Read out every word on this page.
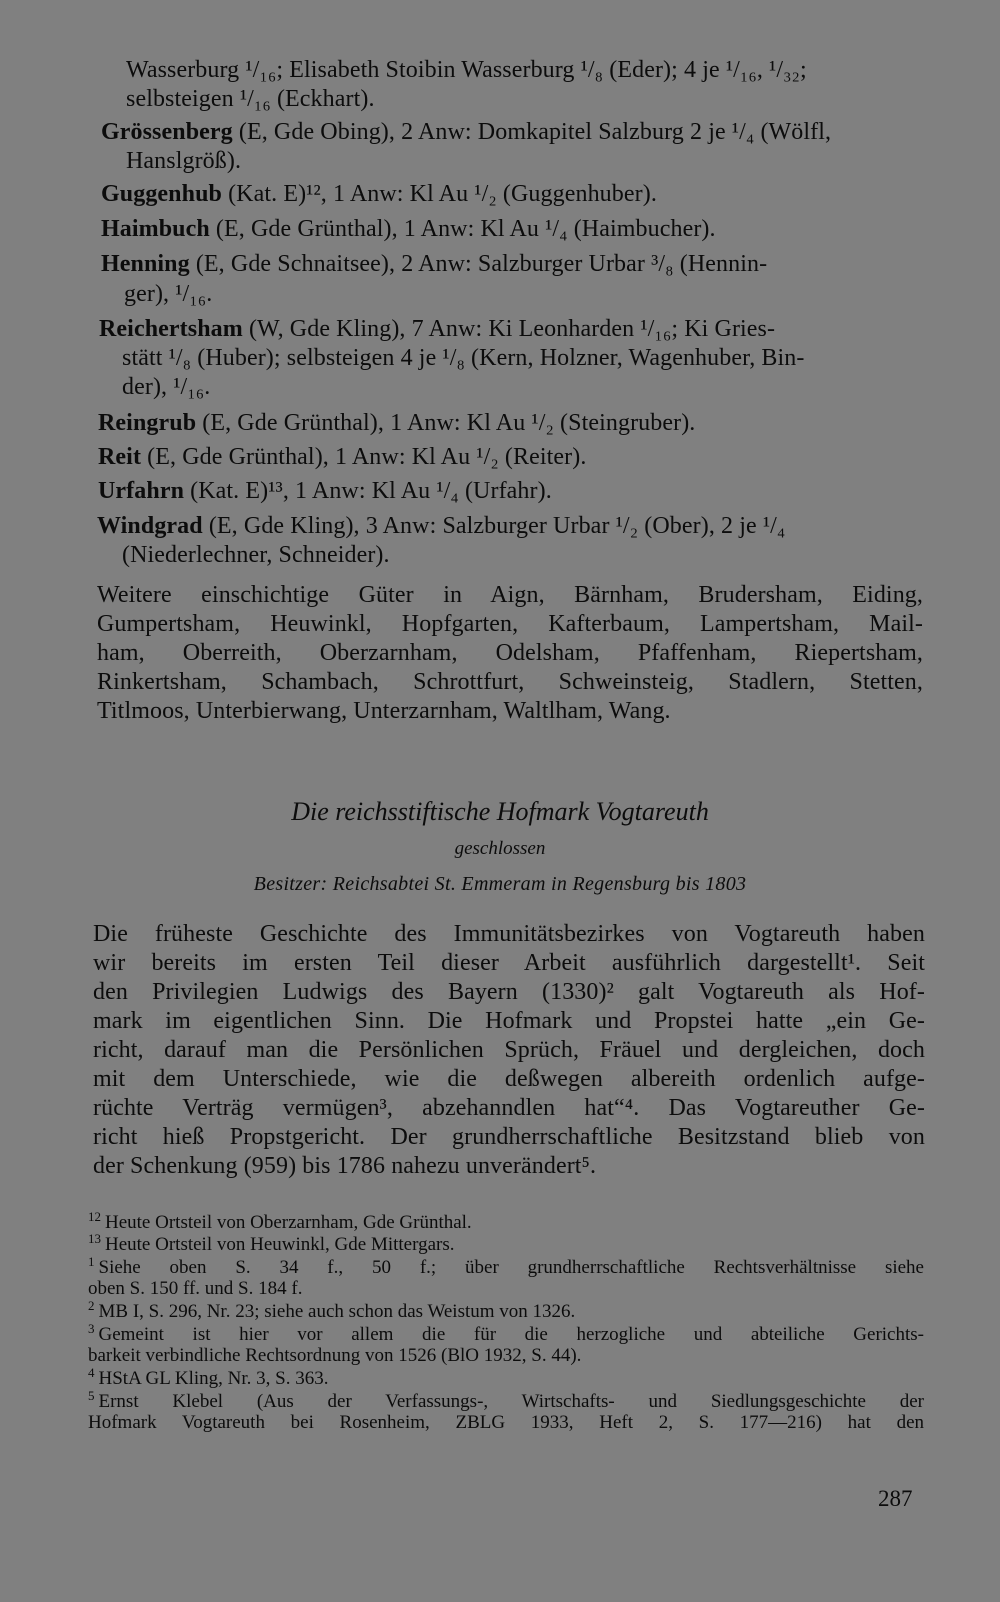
Wasserburg ¹/₁₆; Elisabeth Stoibin Wasserburg ¹/₈ (Eder); 4 je ¹/₁₆, ¹/₃₂;
selbsteigen ¹/₁₆ (Eckhart).
Grössenberg (E, Gde Obing), 2 Anw: Domkapitel Salzburg 2 je ¹/₄ (Wölfl,
Hanslgröß).
Guggenhub (Kat. E)¹², 1 Anw: Kl Au ¹/₂ (Guggenhuber).
Haimbuch (E, Gde Grünthal), 1 Anw: Kl Au ¹/₄ (Haimbucher).
Henning (E, Gde Schnaitsee), 2 Anw: Salzburger Urbar ³/₈ (Hennin-
ger), ¹/₁₆.
Reichertsham (W, Gde Kling), 7 Anw: Ki Leonharden ¹/₁₆; Ki Gries-
stätt ¹/₈ (Huber); selbsteigen 4 je ¹/₈ (Kern, Holzner, Wagenhuber, Bin-
der), ¹/₁₆.
Reingrub (E, Gde Grünthal), 1 Anw: Kl Au ¹/₂ (Steingruber).
Reit (E, Gde Grünthal), 1 Anw: Kl Au ¹/₂ (Reiter).
Urfahrn (Kat. E)¹³, 1 Anw: Kl Au ¹/₄ (Urfahr).
Windgrad (E, Gde Kling), 3 Anw: Salzburger Urbar ¹/₂ (Ober), 2 je ¹/₄
(Niederlechner, Schneider).
Weitere einschichtige Güter in Aign, Bärnham, Brudersham, Eiding,
Gumpertsham, Heuwinkl, Hopfgarten, Kafterbaum, Lampertsham, Mail-
ham, Oberreith, Oberzarnham, Odelsham, Pfaffenham, Riepertsham,
Rinkertsham, Schambach, Schrottfurt, Schweinsteig, Stadlern, Stetten,
Titlmoos, Unterbierwang, Unterzarnham, Waltlham, Wang.
Die reichsstiftische Hofmark Vogtareuth
geschlossen
Besitzer: Reichsabtei St. Emmeram in Regensburg bis 1803
Die früheste Geschichte des Immunitätsbezirkes von Vogtareuth haben
wir bereits im ersten Teil dieser Arbeit ausführlich dargestellt¹. Seit
den Privilegien Ludwigs des Bayern (1330)² galt Vogtareuth als Hof-
mark im eigentlichen Sinn. Die Hofmark und Propstei hatte „ein Ge-
richt, darauf man die Persönlichen Sprüch, Fräuel und dergleichen, doch
mit dem Unterschiede, wie die deßwegen albereith ordenlich aufge-
rüchte Verträg vermügen³, abzehanndlen hat“⁴. Das Vogtareuther Ge-
richt hieß Propstgericht. Der grundherrschaftliche Besitzstand blieb von
der Schenkung (959) bis 1786 nahezu unverändert⁵.
$^{12}$ Heute Ortsteil von Oberzarnham, Gde Grünthal.
$^{13}$ Heute Ortsteil von Heuwinkl, Gde Mittergars.
$^1$ Siehe oben S. 34 f., 50 f.; über grundherrschaftliche Rechtsverhältnisse siehe
oben S. 150 ff. und S. 184 f.
$^2$ MB I, S. 296, Nr. 23; siehe auch schon das Weistum von 1326.
$^3$ Gemeint ist hier vor allem die für die herzogliche und abteiliche Gerichts-
barkeit verbindliche Rechtsordnung von 1526 (BlO 1932, S. 44).
$^4$ HStA GL Kling, Nr. 3, S. 363.
$^5$ Ernst Klebel (Aus der Verfassungs-, Wirtschafts- und Siedlungsgeschichte der
Hofmark Vogtareuth bei Rosenheim, ZBLG 1933, Heft 2, S. 177—216) hat den
287
